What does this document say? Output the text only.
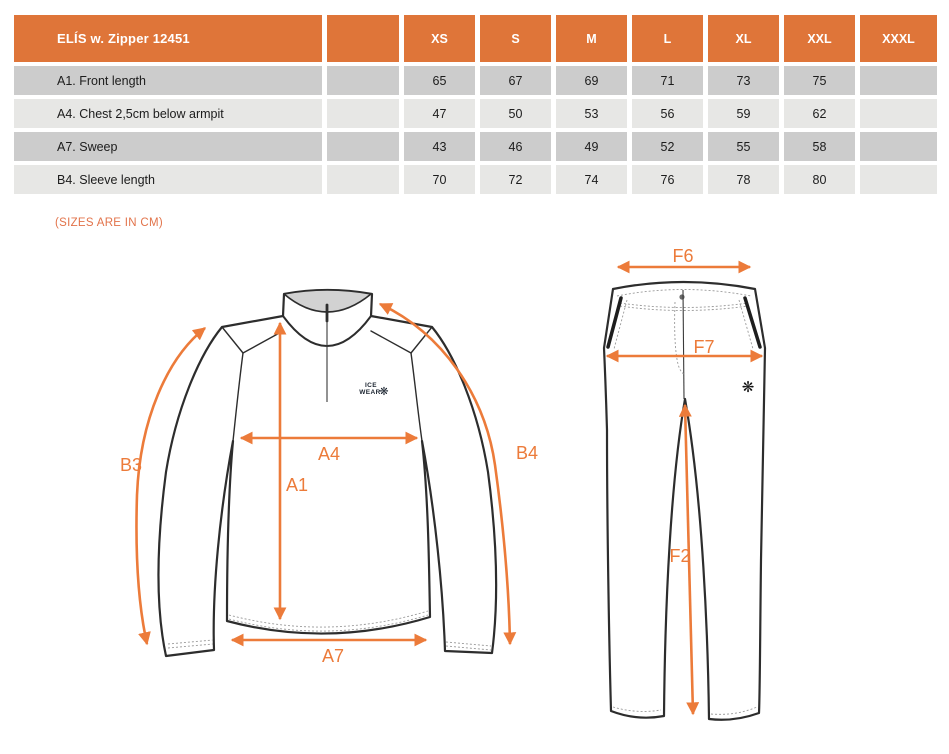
ELÍS w. Zipper 12451	XS	S	M	L	XL	XXL	XXXL
A1. Front length	65	67	69	71	73	75
A4. Chest 2,5cm below armpit	47	50	53	56	59	62
A7. Sweep	43	46	49	52	55	58
B4. Sleeve length	70	72	74	76	78	80
(SIZES ARE IN CM)
ICE
WEAR
❋
B3
B4
A4
A1
A7
❋
F6
F7
F2
